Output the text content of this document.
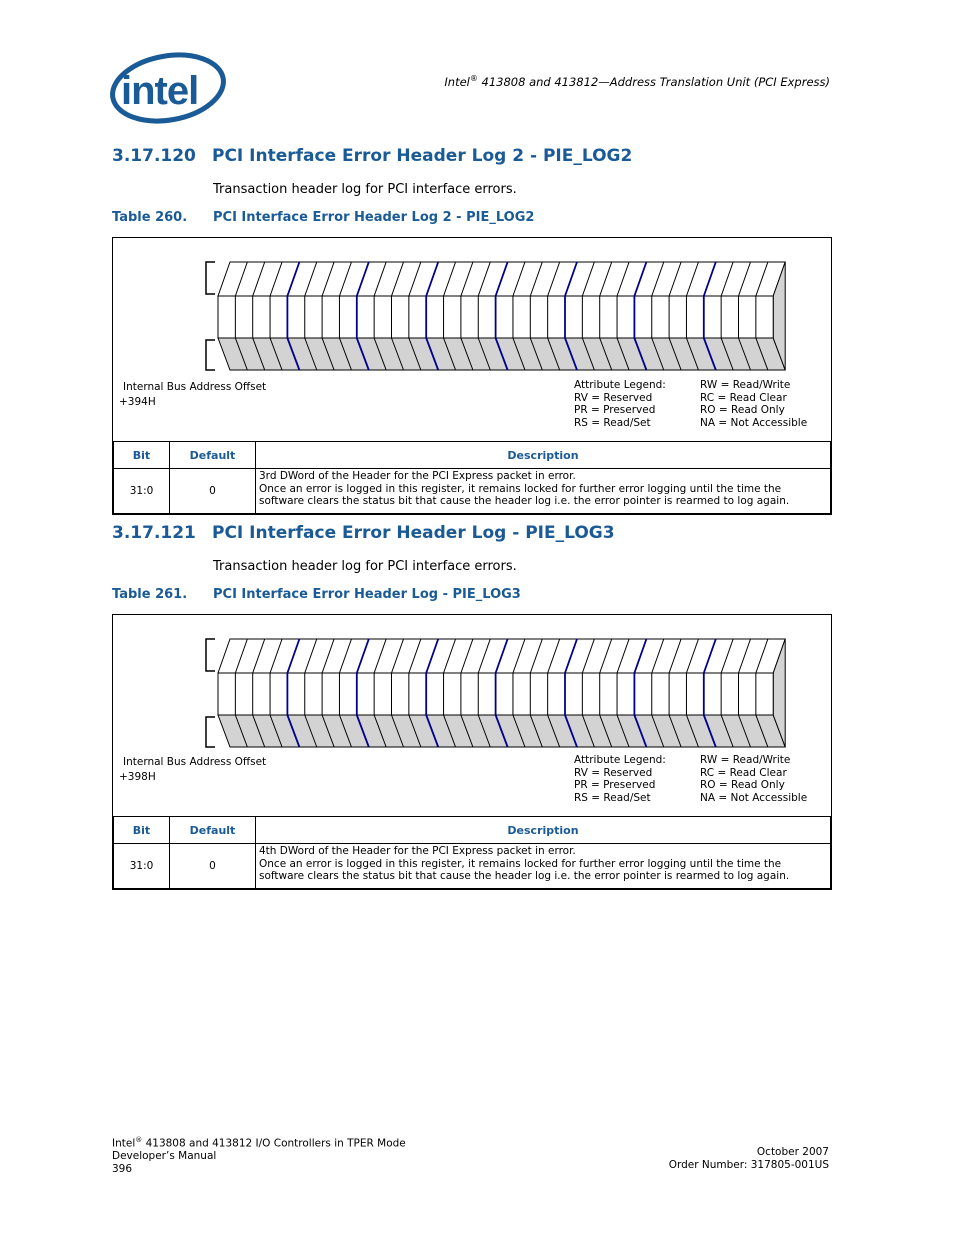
intel	Intel® 413808 and 413812—Address Translation Unit (PCI Express)
3.17.120 PCI Interface Error Header Log 2 - PIE_LOG2
Transaction header log for PCI interface errors.
Table 260. PCI Interface Error Header Log 2 - PIE_LOG2
Internal Bus Address Offset
+394H
Attribute Legend:	RW = Read/Write
RV = Reserved	RC = Read Clear
PR = Preserved	RO = Read Only
RS = Read/Set	NA = Not Accessible
Bit	Default	Description
31:0	0	3rd DWord of the Header for the PCI Express packet in error.
Once an error is logged in this register, it remains locked for further error logging until the time the
software clears the status bit that cause the header log i.e. the error pointer is rearmed to log again.
3.17.121 PCI Interface Error Header Log - PIE_LOG3
Transaction header log for PCI interface errors.
Table 261. PCI Interface Error Header Log - PIE_LOG3
Internal Bus Address Offset
+398H
Attribute Legend:	RW = Read/Write
RV = Reserved	RC = Read Clear
PR = Preserved	RO = Read Only
RS = Read/Set	NA = Not Accessible
Bit	Default	Description
31:0	0	4th DWord of the Header for the PCI Express packet in error.
Once an error is logged in this register, it remains locked for further error logging until the time the
software clears the status bit that cause the header log i.e. the error pointer is rearmed to log again.
Intel® 413808 and 413812 I/O Controllers in TPER Mode
Developer’s Manual
396
October 2007
Order Number: 317805-001US
